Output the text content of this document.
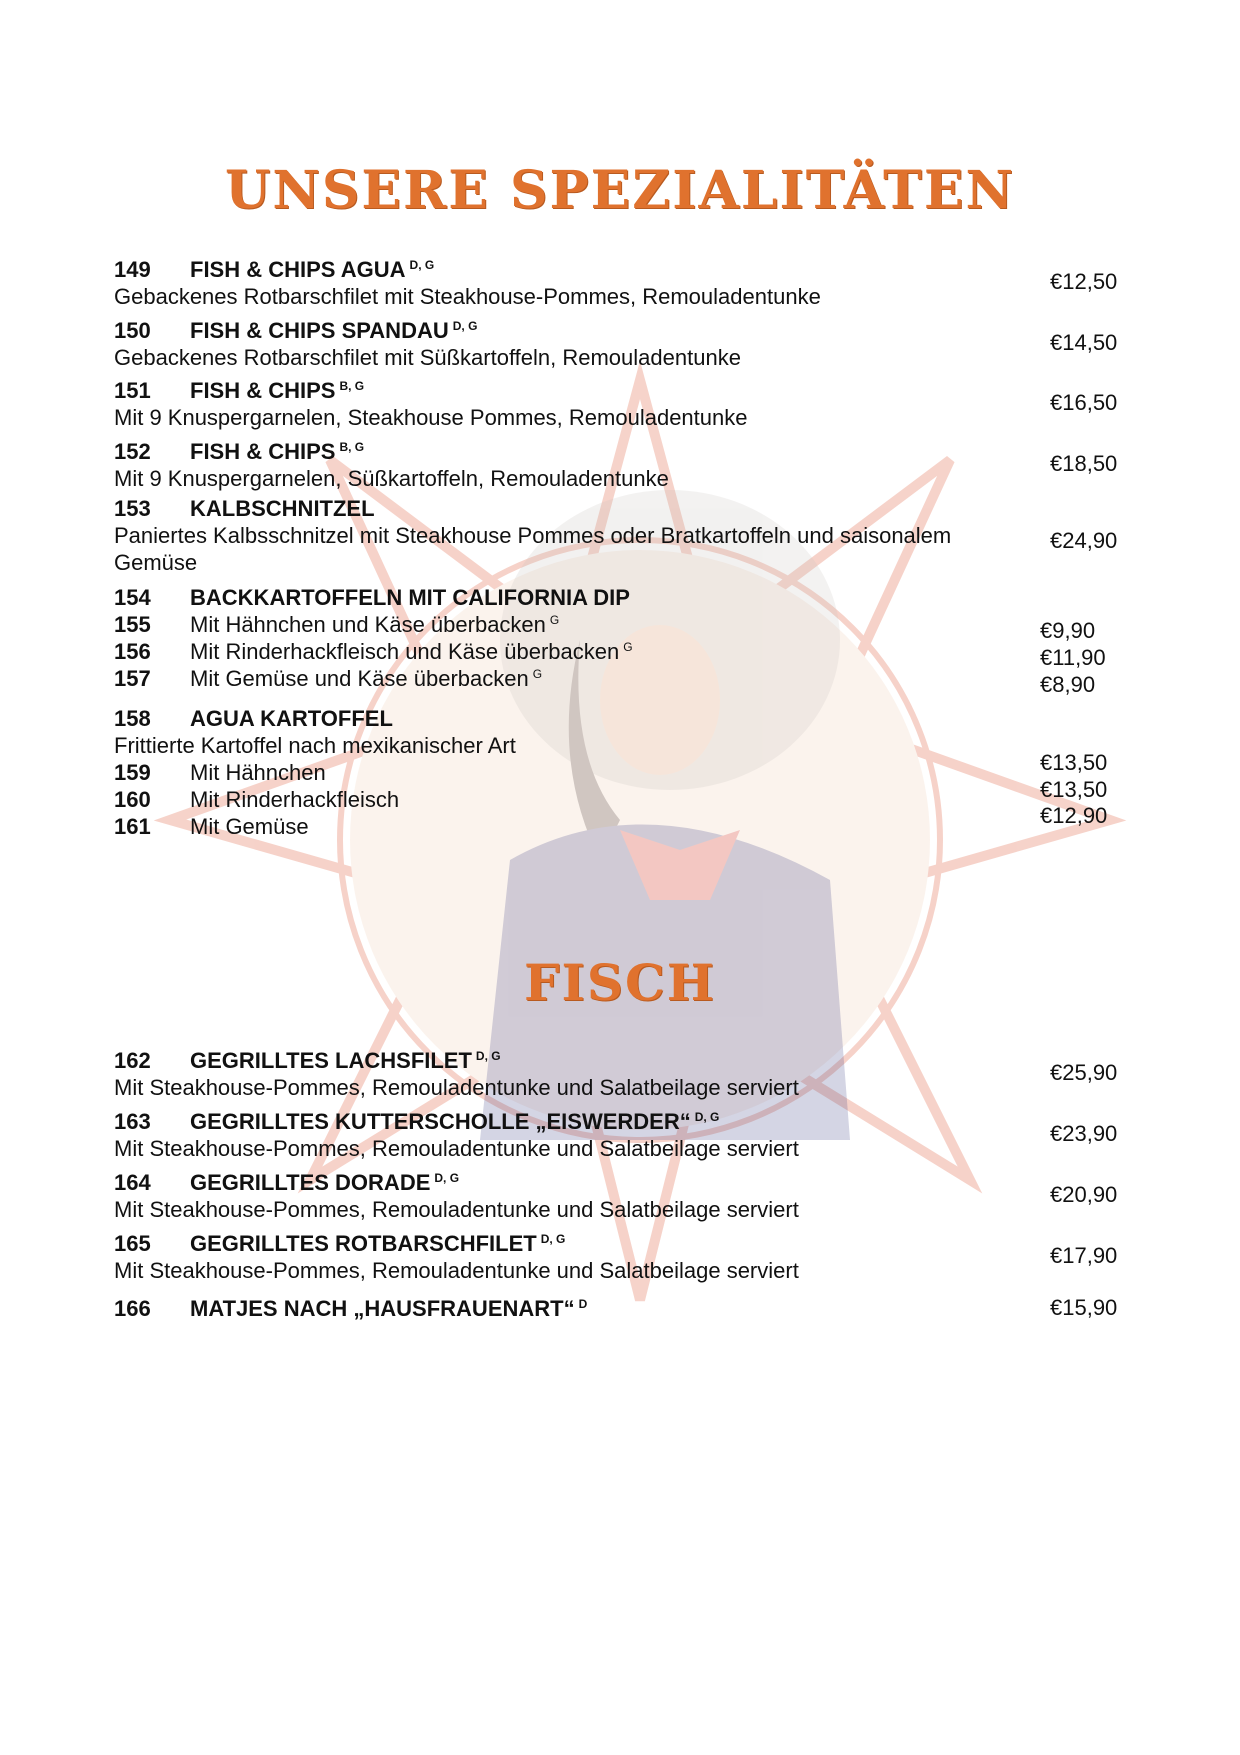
UNSERE SPEZIALITÄTEN
149 FISH & CHIPS AGUA $^{D, G}$
Gebackenes Rotbarschfilet mit Steakhouse-Pommes, Remouladentunke
€12,50
150 FISH & CHIPS SPANDAU $^{D, G}$
Gebackenes Rotbarschfilet mit Süßkartoffeln, Remouladentunke
€14,50
151 FISH & CHIPS $^{B, G}$
Mit 9 Knuspergarnelen, Steakhouse Pommes, Remouladentunke
€16,50
152 FISH & CHIPS $^{B, G}$
Mit 9 Knuspergarnelen, Süßkartoffeln, Remouladentunke
€18,50
153 KALBSCHNITZEL
Paniertes Kalbsschnitzel mit Steakhouse Pommes oder Bratkartoffeln und saisonalem Gemüse
€24,90
154 BACKKARTOFFELN MIT CALIFORNIA DIP
155 Mit Hähnchen und Käse überbacken $^G$
156 Mit Rinderhackfleisch und Käse überbacken $^G$
157 Mit Gemüse und Käse überbacken $^G$
€9,90
€11,90
€8,90
158 AGUA KARTOFFEL
Frittierte Kartoffel nach mexikanischer Art
159 Mit Hähnchen
160 Mit Rinderhackfleisch
161 Mit Gemüse
€13,50
€13,50
€12,90
FISCH
162 GEGRILLTES LACHSFILET $^{D, G}$
Mit Steakhouse-Pommes, Remouladentunke und Salatbeilage serviert
€25,90
163 GEGRILLTES KUTTERSCHOLLE „EISWERDER“ $^{D, G}$
Mit Steakhouse-Pommes, Remouladentunke und Salatbeilage serviert
€23,90
164 GEGRILLTES DORADE $^{D, G}$
Mit Steakhouse-Pommes, Remouladentunke und Salatbeilage serviert
€20,90
165 GEGRILLTES ROTBARSCHFILET $^{D, G}$
Mit Steakhouse-Pommes, Remouladentunke und Salatbeilage serviert
€17,90
166 MATJES NACH „HAUSFRAUENART“ $^D$	€15,90
